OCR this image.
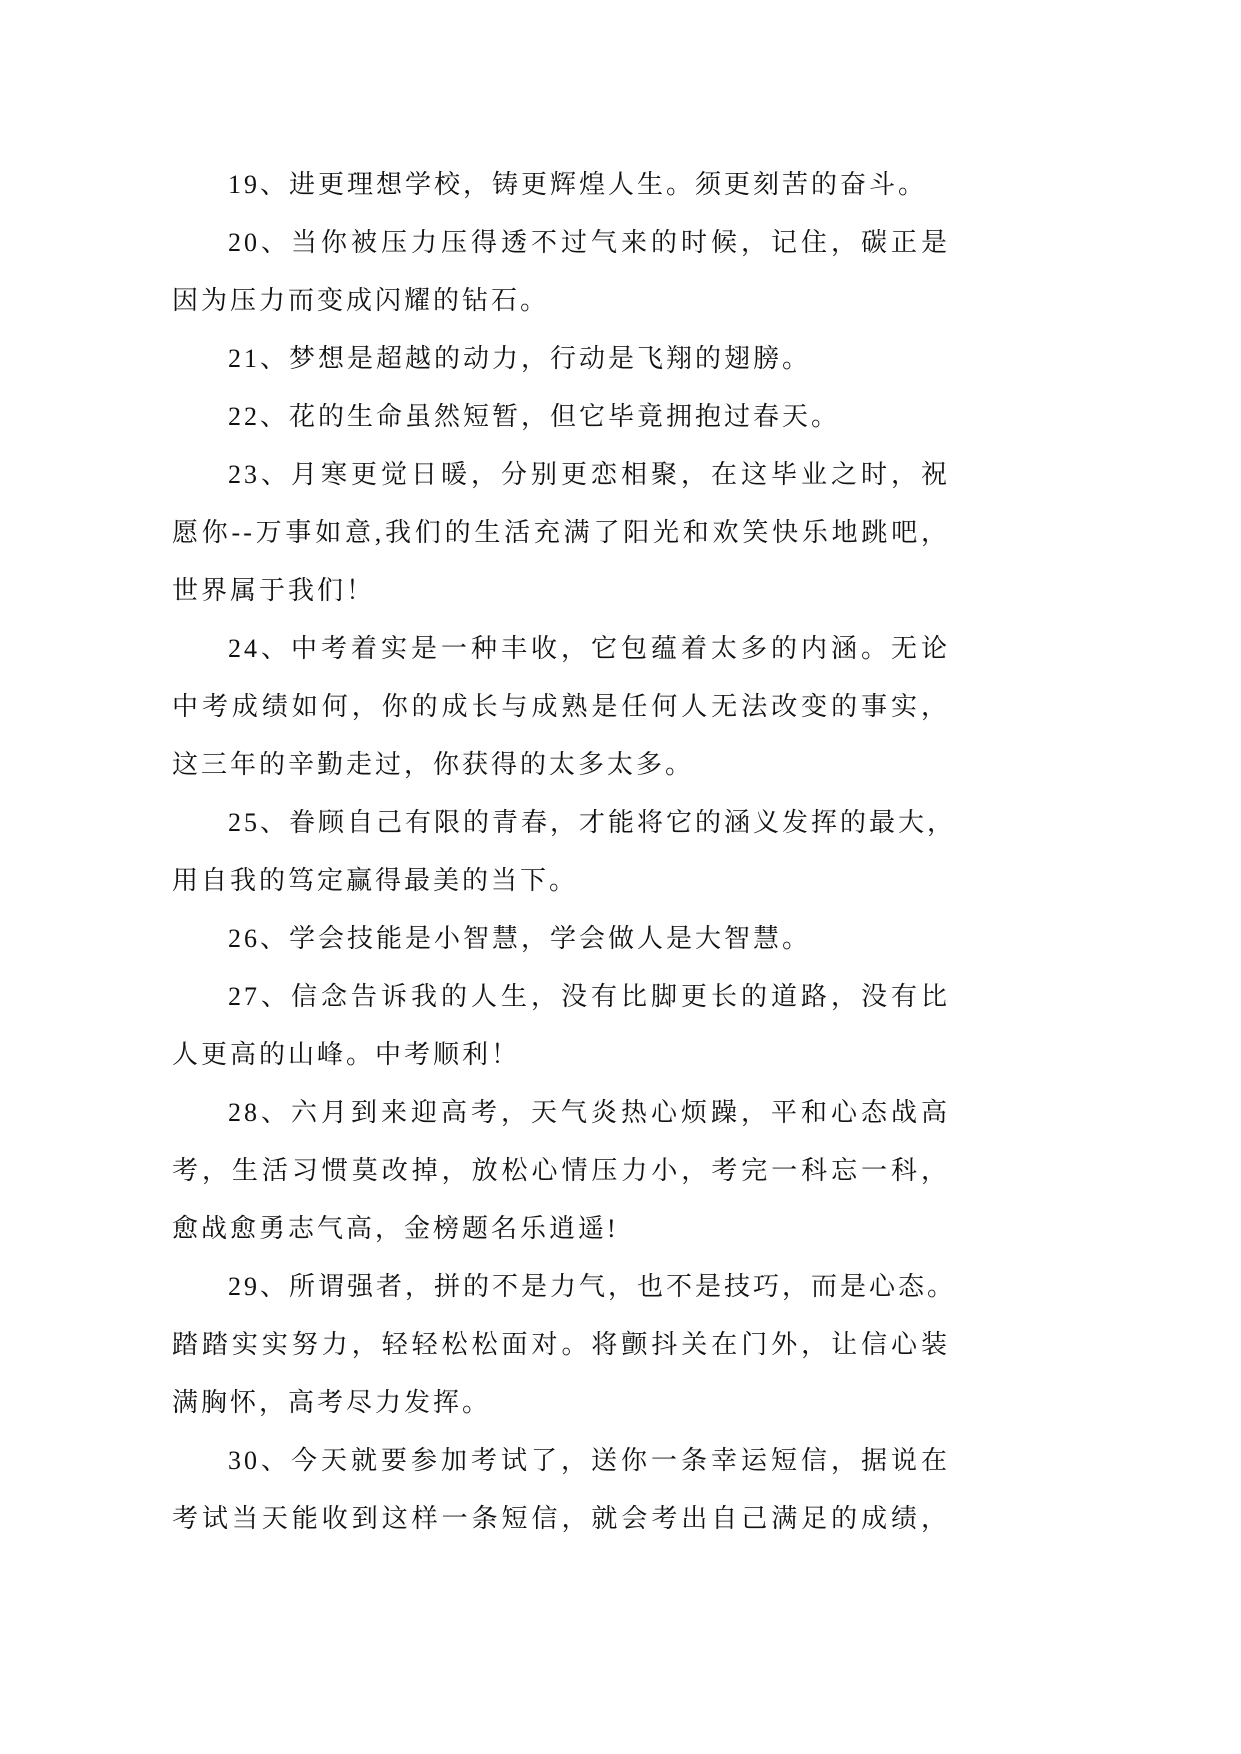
19、进更理想学校，铸更辉煌人生。须更刻苦的奋斗。
20、当你被压力压得透不过气来的时候，记住，碳正是
因为压力而变成闪耀的钻石。
21、梦想是超越的动力，行动是飞翔的翅膀。
22、花的生命虽然短暂，但它毕竟拥抱过春天。
23、月寒更觉日暖，分别更恋相聚，在这毕业之时，祝
愿你--万事如意,我们的生活充满了阳光和欢笑快乐地跳吧，
世界属于我们！
24、中考着实是一种丰收，它包蕴着太多的内涵。无论
中考成绩如何，你的成长与成熟是任何人无法改变的事实，
这三年的辛勤走过，你获得的太多太多。
25、眷顾自己有限的青春，才能将它的涵义发挥的最大，
用自我的笃定赢得最美的当下。
26、学会技能是小智慧，学会做人是大智慧。
27、信念告诉我的人生，没有比脚更长的道路，没有比
人更高的山峰。中考顺利！
28、六月到来迎高考，天气炎热心烦躁，平和心态战高
考，生活习惯莫改掉，放松心情压力小，考完一科忘一科，
愈战愈勇志气高，金榜题名乐逍遥!
29、所谓强者，拼的不是力气，也不是技巧，而是心态。
踏踏实实努力，轻轻松松面对。将颤抖关在门外，让信心装
满胸怀，高考尽力发挥。
30、今天就要参加考试了，送你一条幸运短信，据说在
考试当天能收到这样一条短信，就会考出自己满足的成绩，
